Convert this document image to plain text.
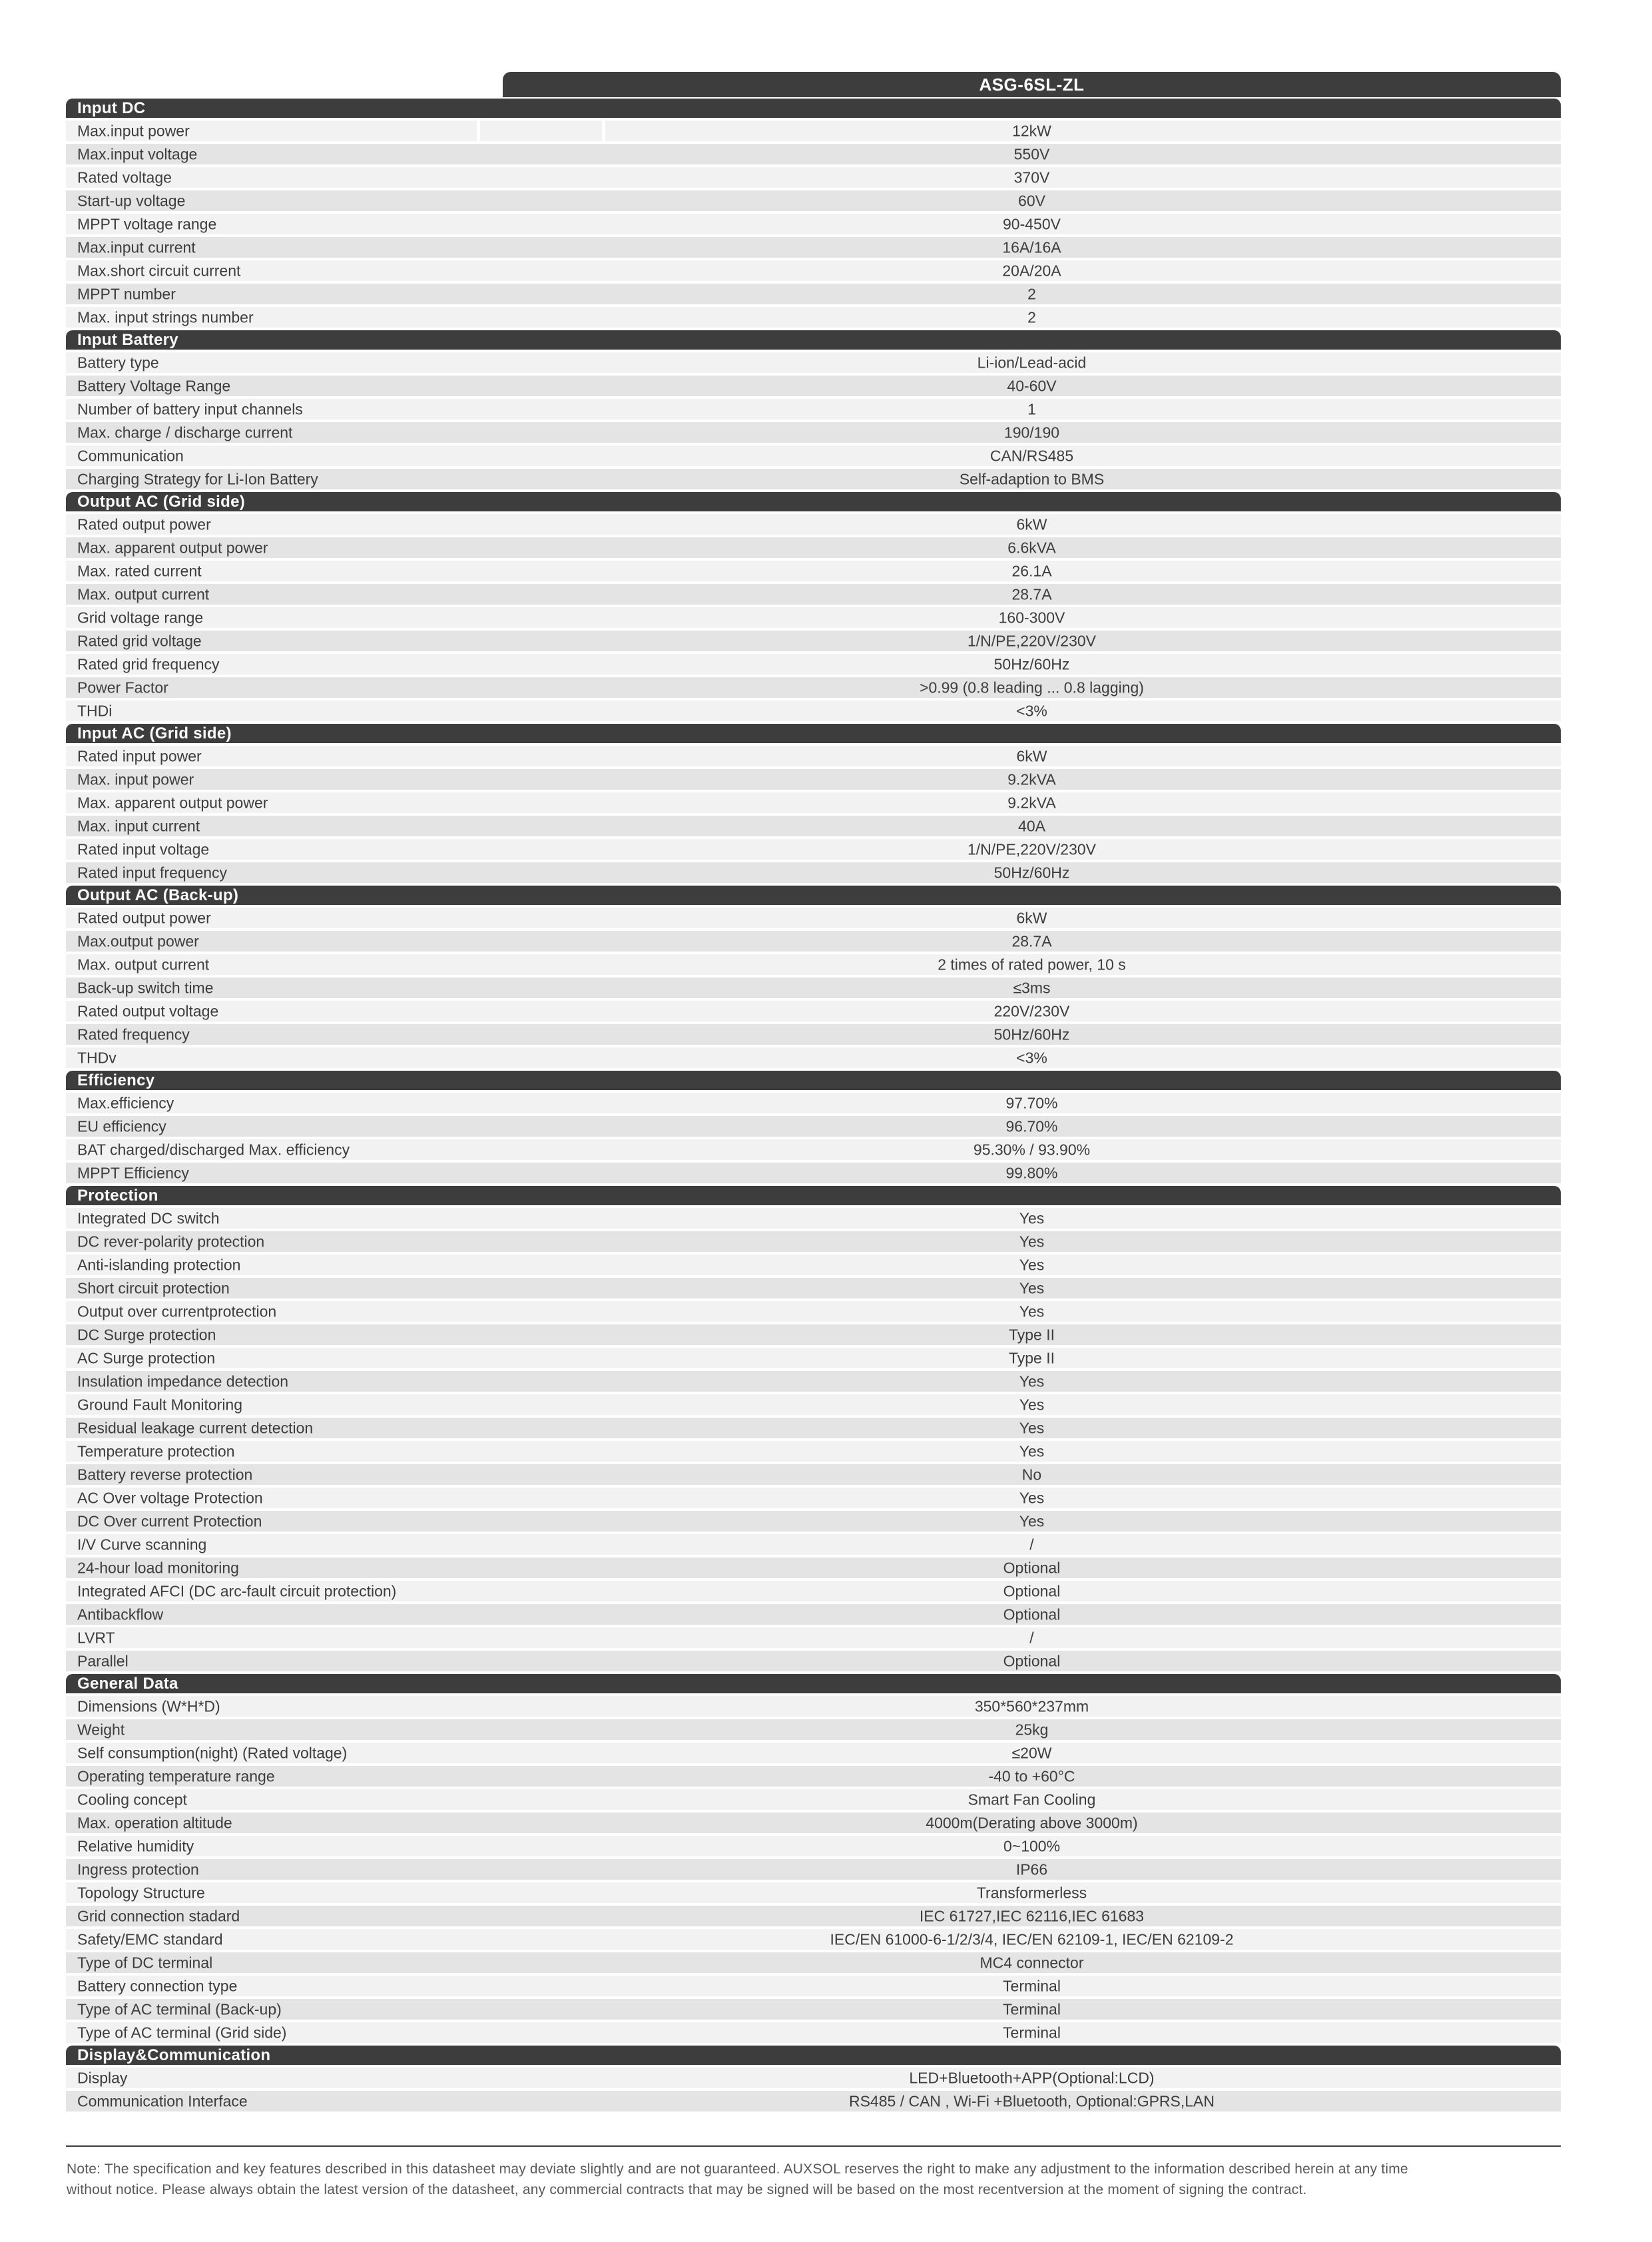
ASG-6SL-ZL
Input DC
Max.input power	12kW
Max.input voltage	550V
Rated voltage	370V
Start-up voltage	60V
MPPT voltage range	90-450V
Max.input current	16A/16A
Max.short circuit current	20A/20A
MPPT number	2
Max. input strings number	2
Input Battery
Battery type	Li-ion/Lead-acid
Battery Voltage Range	40-60V
Number of battery input channels	1
Max. charge / discharge current	190/190
Communication	CAN/RS485
Charging Strategy for Li-Ion Battery	Self-adaption to BMS
Output AC (Grid side)
Rated output power	6kW
Max. apparent output power	6.6kVA
Max. rated current	26.1A
Max. output current	28.7A
Grid voltage range	160-300V
Rated grid voltage	1/N/PE,220V/230V
Rated grid frequency	50Hz/60Hz
Power Factor	>0.99 (0.8 leading ... 0.8 lagging)
THDi	<3%
Input AC (Grid side)
Rated input power	6kW
Max. input power	9.2kVA
Max. apparent output power	9.2kVA
Max. input current	40A
Rated input voltage	1/N/PE,220V/230V
Rated input frequency	50Hz/60Hz
Output AC (Back-up)
Rated output power	6kW
Max.output power	28.7A
Max. output current	2 times of rated power, 10 s
Back-up switch time	≤3ms
Rated output voltage	220V/230V
Rated frequency	50Hz/60Hz
THDv	<3%
Efficiency
Max.efficiency	97.70%
EU efficiency	96.70%
BAT charged/discharged Max. efficiency	95.30% / 93.90%
MPPT Efficiency	99.80%
Protection
Integrated DC switch	Yes
DC rever-polarity protection	Yes
Anti-islanding protection	Yes
Short circuit protection	Yes
Output over currentprotection	Yes
DC Surge protection	Type II
AC Surge protection	Type II
Insulation impedance detection	Yes
Ground Fault Monitoring	Yes
Residual leakage current detection	Yes
Temperature protection	Yes
Battery reverse protection	No
AC Over voltage Protection	Yes
DC Over current Protection	Yes
I/V Curve scanning	/
24-hour load monitoring	Optional
Integrated AFCI (DC arc-fault circuit protection)	Optional
Antibackflow	Optional
LVRT	/
Parallel	Optional
General Data
Dimensions (W*H*D)	350*560*237mm
Weight	25kg
Self consumption(night) (Rated voltage)	≤20W
Operating temperature range	-40 to +60°C
Cooling concept	Smart Fan Cooling
Max. operation altitude	4000m(Derating above 3000m)
Relative humidity	0~100%
Ingress protection	IP66
Topology Structure	Transformerless
Grid connection stadard	IEC 61727,IEC 62116,IEC 61683
Safety/EMC standard	IEC/EN 61000-6-1/2/3/4, IEC/EN 62109-1, IEC/EN 62109-2
Type of DC terminal	MC4 connector
Battery connection type	Terminal
Type of AC terminal (Back-up)	Terminal
Type of AC terminal (Grid side)	Terminal
Display&Communication
Display	LED+Bluetooth+APP(Optional:LCD)
Communication Interface	RS485 / CAN , Wi-Fi +Bluetooth, Optional:GPRS,LAN
Note: The specification and key features described in this datasheet may deviate slightly and are not guaranteed. AUXSOL reserves the right to make any adjustment to the information described herein at any time
without notice. Please always obtain the latest version of the datasheet, any commercial contracts that may be signed will be based on the most recentversion at the moment of signing the contract.
